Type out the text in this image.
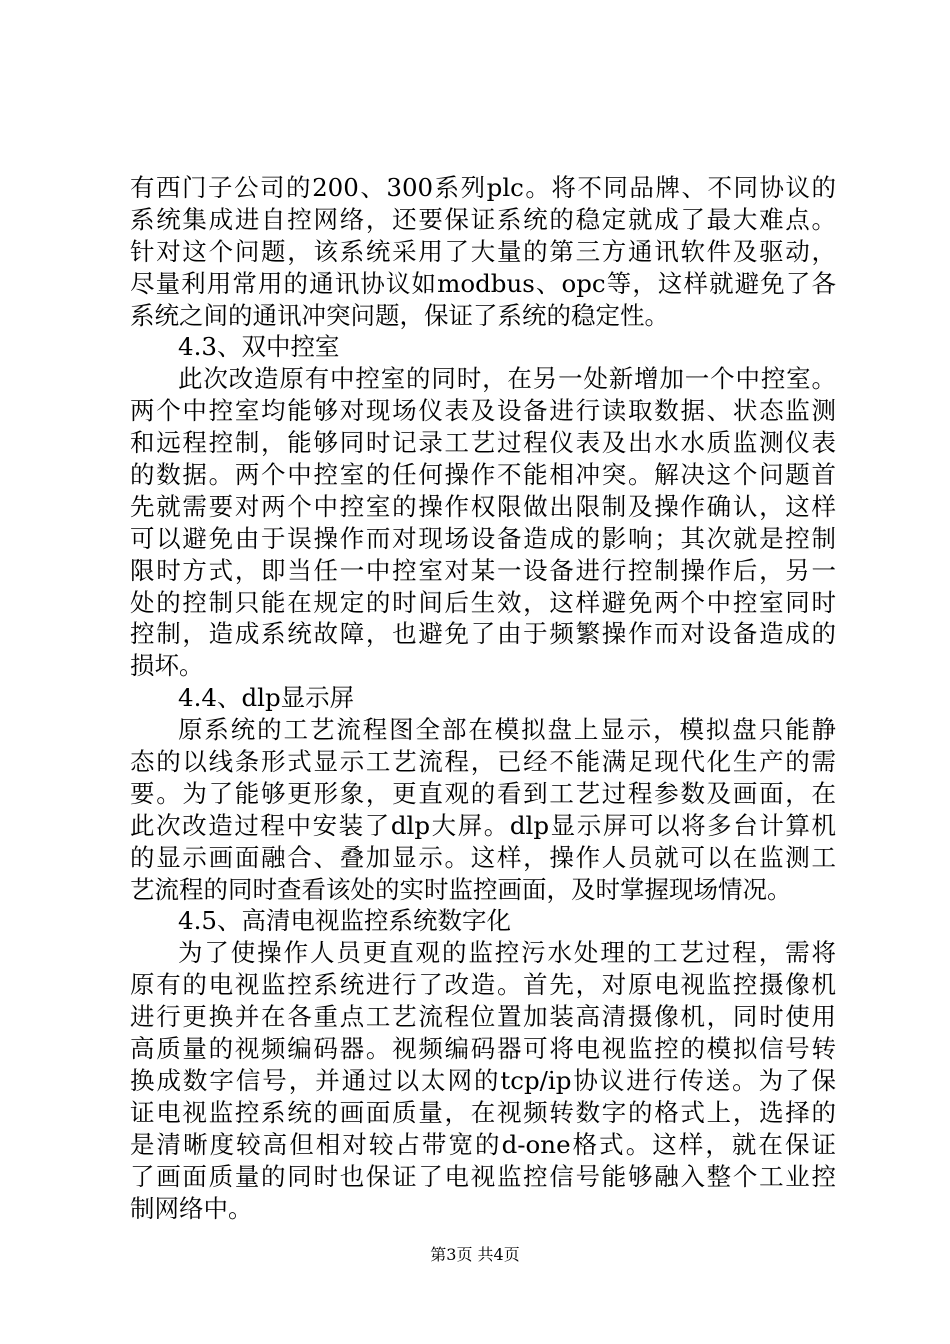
有西门子公司的200、300系列plc。将不同品牌、不同协议的
系统集成进自控网络，还要保证系统的稳定就成了最大难点。
针对这个问题，该系统采用了大量的第三方通讯软件及驱动，
尽量利用常用的通讯协议如modbus、opc等，这样就避免了各
系统之间的通讯冲突问题，保证了系统的稳定性。
4.3、双中控室
此次改造原有中控室的同时，在另一处新增加一个中控室。
两个中控室均能够对现场仪表及设备进行读取数据、状态监测
和远程控制，能够同时记录工艺过程仪表及出水水质监测仪表
的数据。两个中控室的任何操作不能相冲突。解决这个问题首
先就需要对两个中控室的操作权限做出限制及操作确认，这样
可以避免由于误操作而对现场设备造成的影响；其次就是控制
限时方式，即当任一中控室对某一设备进行控制操作后，另一
处的控制只能在规定的时间后生效，这样避免两个中控室同时
控制，造成系统故障，也避免了由于频繁操作而对设备造成的
损坏。
4.4、dlp显示屏
原系统的工艺流程图全部在模拟盘上显示，模拟盘只能静
态的以线条形式显示工艺流程，已经不能满足现代化生产的需
要。为了能够更形象，更直观的看到工艺过程参数及画面，在
此次改造过程中安装了dlp大屏。dlp显示屏可以将多台计算机
的显示画面融合、叠加显示。这样，操作人员就可以在监测工
艺流程的同时查看该处的实时监控画面，及时掌握现场情况。
4.5、高清电视监控系统数字化
为了使操作人员更直观的监控污水处理的工艺过程，需将
原有的电视监控系统进行了改造。首先，对原电视监控摄像机
进行更换并在各重点工艺流程位置加装高清摄像机，同时使用
高质量的视频编码器。视频编码器可将电视监控的模拟信号转
换成数字信号，并通过以太网的tcp/ip协议进行传送。为了保
证电视监控系统的画面质量，在视频转数字的格式上，选择的
是清晰度较高但相对较占带宽的d-one格式。这样，就在保证
了画面质量的同时也保证了电视监控信号能够融入整个工业控
制网络中。
第3页 共4页
